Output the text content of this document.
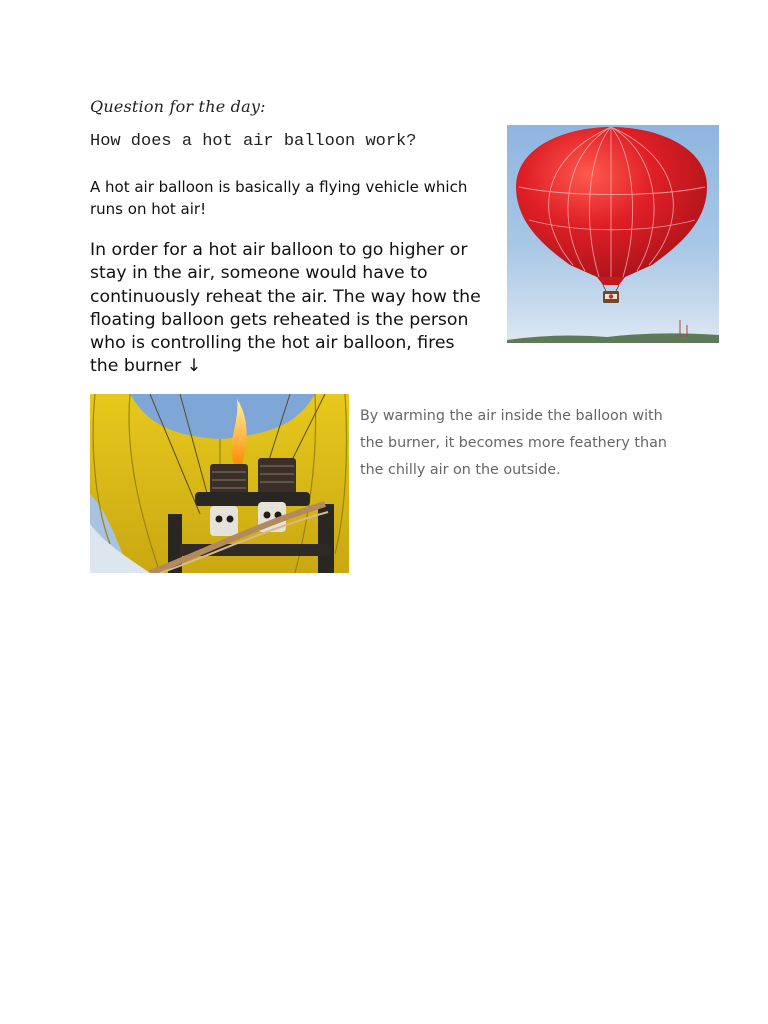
Question for the day:
How does a hot air balloon work?
A hot air balloon is basically a flying vehicle which runs on hot air!
In order for a hot air balloon to go higher or
stay in the air, someone would have to
continuously reheat the air. The way how the
floating balloon gets reheated is the person
who is controlling the hot air balloon, fires
the burner ↓
By warming the air inside the balloon with
the burner, it becomes more feathery than
the chilly air on the outside.
